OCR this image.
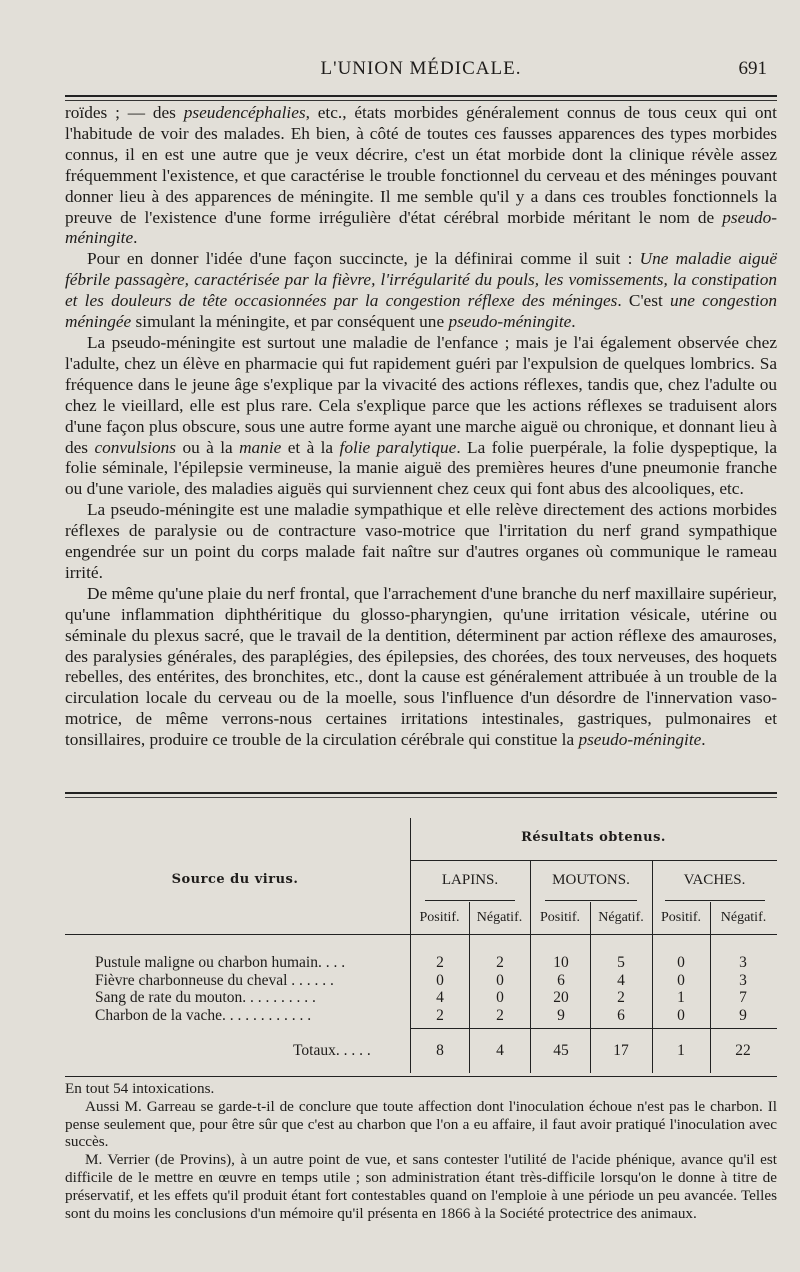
L'UNION MÉDICALE.	691

roïdes ; — des pseudencéphalies, etc., états morbides généralement connus de tous ceux qui ont l'habitude de voir des malades. Eh bien, à côté de toutes ces fausses apparences des types morbides connus, il en est une autre que je veux décrire, c'est un état morbide dont la clinique révèle assez fréquemment l'existence, et que caractérise le trouble fonctionnel du cerveau et des méninges pouvant donner lieu à des apparences de méningite. Il me semble qu'il y a dans ces troubles fonctionnels la preuve de l'existence d'une forme irrégulière d'état cérébral morbide méritant le nom de pseudo-méningite.

Pour en donner l'idée d'une façon succincte, je la définirai comme il suit : Une maladie aiguë fébrile passagère, caractérisée par la fièvre, l'irrégularité du pouls, les vomissements, la constipation et les douleurs de tête occasionnées par la congestion réflexe des méninges. C'est une congestion méningée simulant la méningite, et par conséquent une pseudo-méningite.

La pseudo-méningite est surtout une maladie de l'enfance ; mais je l'ai également observée chez l'adulte, chez un élève en pharmacie qui fut rapidement guéri par l'expulsion de quelques lombrics. Sa fréquence dans le jeune âge s'explique par la vivacité des actions réflexes, tandis que, chez l'adulte ou chez le vieillard, elle est plus rare. Cela s'explique parce que les actions réflexes se traduisent alors d'une façon plus obscure, sous une autre forme ayant une marche aiguë ou chronique, et donnant lieu à des convulsions ou à la manie et à la folie paralytique. La folie puerpérale, la folie dyspeptique, la folie séminale, l'épilepsie vermineuse, la manie aiguë des premières heures d'une pneumonie franche ou d'une variole, des maladies aiguës qui surviennent chez ceux qui font abus des alcooliques, etc.

La pseudo-méningite est une maladie sympathique et elle relève directement des actions morbides réflexes de paralysie ou de contracture vaso-motrice que l'irritation du nerf grand sympathique engendrée sur un point du corps malade fait naître sur d'autres organes où communique le rameau irrité.

De même qu'une plaie du nerf frontal, que l'arrachement d'une branche du nerf maxillaire supérieur, qu'une inflammation diphthéritique du glosso-pharyngien, qu'une irritation vésicale, utérine ou séminale du plexus sacré, que le travail de la dentition, déterminent par action réflexe des amauroses, des paralysies générales, des paraplégies, des épilepsies, des chorées, des toux nerveuses, des hoquets rebelles, des entérites, des bronchites, etc., dont la cause est généralement attribuée à un trouble de la circulation locale du cerveau ou de la moelle, sous l'influence d'un désordre de l'innervation vaso-motrice, de même verrons-nous certaines irritations intestinales, gastriques, pulmonaires et tonsillaires, produire ce trouble de la circulation cérébrale qui constitue la pseudo-méningite.

Résultats obtenus.
Source du virus.	LAPINS.	MOUTONS.	VACHES.
Positif.	Négatif.	Positif.	Négatif.	Positif.	Négatif.
Pustule maligne ou charbon humain. . . .	2	2	10	5	0	3
Fièvre charbonneuse du cheval . . . . . .	0	0	6	4	0	3
Sang de rate du mouton. . . . . . . . . .	4	0	20	2	1	7
Charbon de la vache. . . . . . . . . . . .	2	2	9	6	0	9
Totaux. . . . .	8	4	45	17	1	22

En tout 54 intoxications.

Aussi M. Garreau se garde-t-il de conclure que toute affection dont l'inoculation échoue n'est pas le charbon. Il pense seulement que, pour être sûr que c'est au charbon que l'on a eu affaire, il faut avoir pratiqué l'inoculation avec succès.

M. Verrier (de Provins), à un autre point de vue, et sans contester l'utilité de l'acide phénique, avance qu'il est difficile de le mettre en œuvre en temps utile ; son administration étant très-difficile lorsqu'on le donne à titre de préservatif, et les effets qu'il produit étant fort contestables quand on l'emploie à une période un peu avancée. Telles sont du moins les conclusions d'un mémoire qu'il présenta en 1866 à la Société protectrice des animaux.
